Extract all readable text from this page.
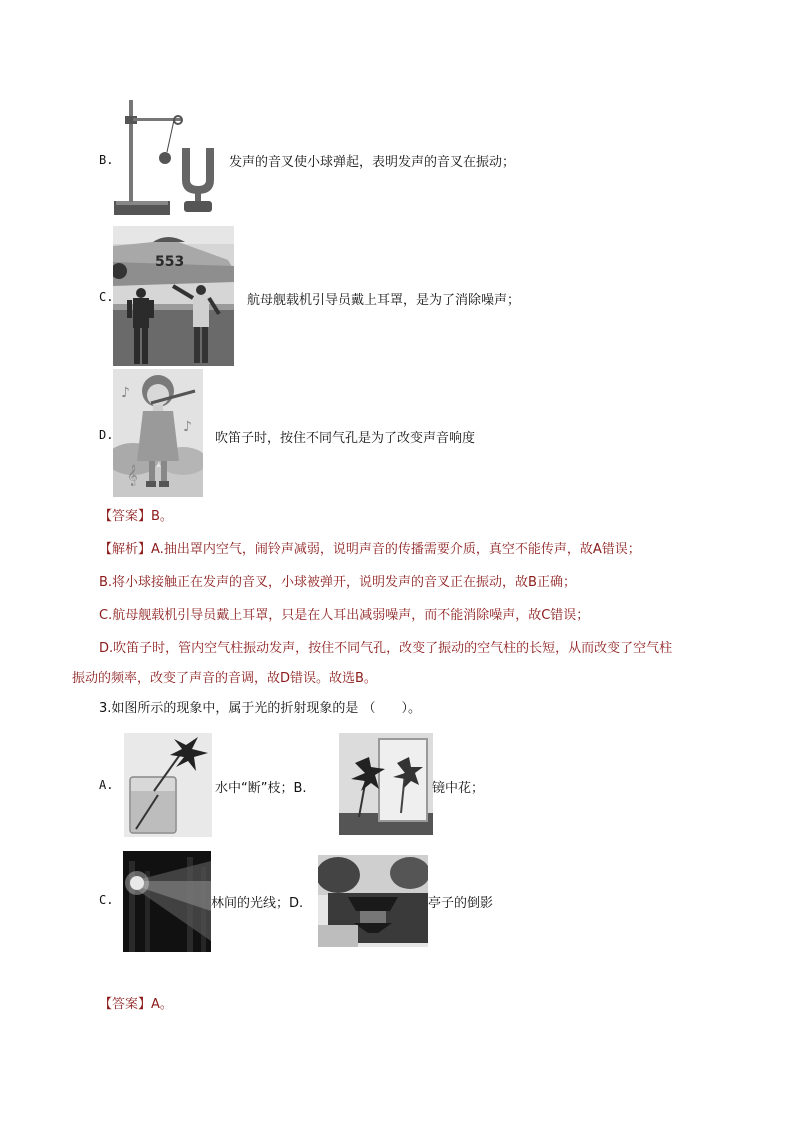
B.	发声的音叉使小球弹起，表明发声的音叉在振动；
C.
553
航母舰载机引导员戴上耳罩，是为了消除噪声；
D.
♪
♪
𝄞
吹笛子时，按住不同气孔是为了改变声音响度
【答案】B。
【解析】A.抽出罩内空气，闹铃声减弱，说明声音的传播需要介质，真空不能传声，故A错误；
B.将小球接触正在发声的音叉，小球被弹开，说明发声的音叉正在振动，故B正确；
C.航母舰载机引导员戴上耳罩，只是在人耳出减弱噪声，而不能消除噪声，故C错误；
D.吹笛子时，管内空气柱振动发声，按住不同气孔，改变了振动的空气柱的长短，从而改变了空气柱
振动的频率，改变了声音的音调，故D错误。故选B。
3.如图所示的现象中，属于光的折射现象的是 （　　）。
A.	水中“断”枝；B.	镜中花；
C.	林间的光线；D.	亭子的倒影
【答案】A。
